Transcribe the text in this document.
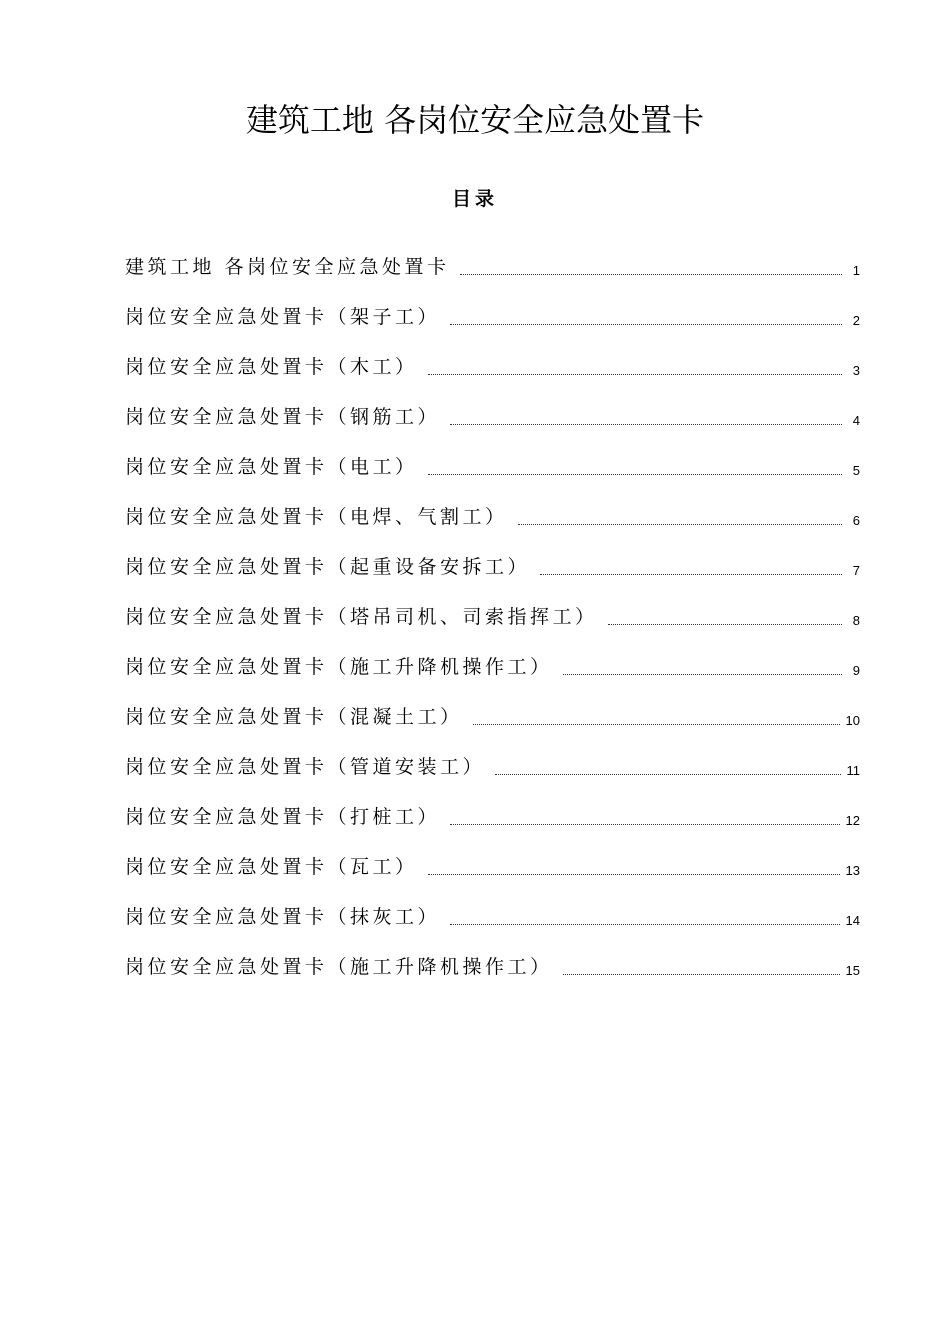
建筑工地 各岗位安全应急处置卡
目录
建筑工地 各岗位安全应急处置卡	1
岗位安全应急处置卡（架子工）	2
岗位安全应急处置卡（木工）	3
岗位安全应急处置卡（钢筋工）	4
岗位安全应急处置卡（电工）	5
岗位安全应急处置卡（电焊、气割工）	6
岗位安全应急处置卡（起重设备安拆工）	7
岗位安全应急处置卡（塔吊司机、司索指挥工）	8
岗位安全应急处置卡（施工升降机操作工）	9
岗位安全应急处置卡（混凝土工）	10
岗位安全应急处置卡（管道安装工）	11
岗位安全应急处置卡（打桩工）	12
岗位安全应急处置卡（瓦工）	13
岗位安全应急处置卡（抹灰工）	14
岗位安全应急处置卡（施工升降机操作工）	15
